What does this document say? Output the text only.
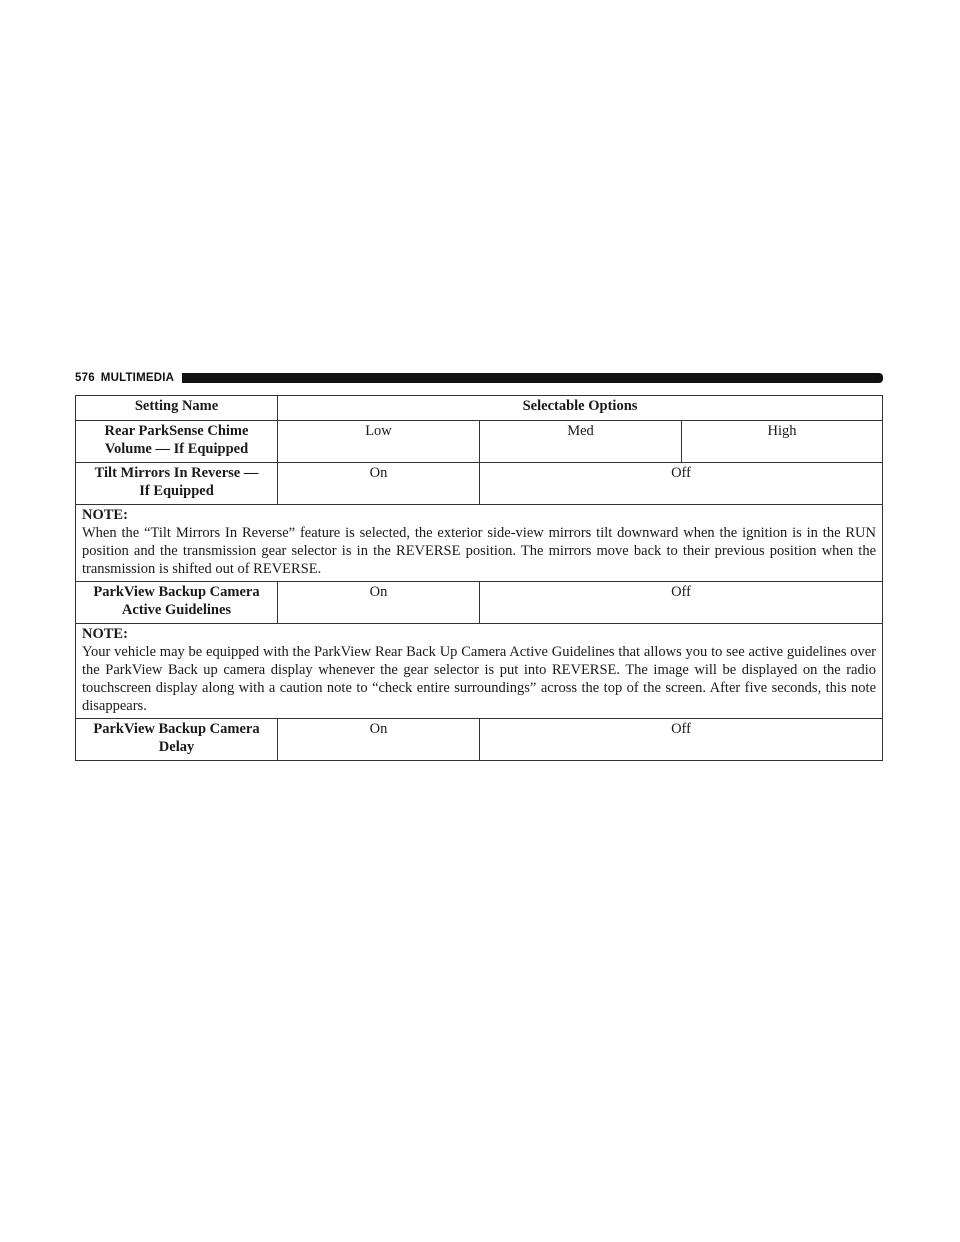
576 MULTIMEDIA
Setting Name	Selectable Options		
Rear ParkSense Chime
Volume — If Equipped	Low	Med	High
Tilt Mirrors In Reverse —
If Equipped	On	Off	

NOTE:
When the “Tilt Mirrors In Reverse” feature is selected, the exterior side-view mirrors tilt downward when the ignition is in the RUN position and the transmission gear selector is in the REVERSE position. The mirrors move back to their previous position when the transmission is shifted out of REVERSE.			
ParkView Backup Camera
Active Guidelines	On	Off	

NOTE:
Your vehicle may be equipped with the ParkView Rear Back Up Camera Active Guidelines that allows you to see active guidelines over the ParkView Back up camera display whenever the gear selector is put into REVERSE. The image will be displayed on the radio touchscreen display along with a caution note to “check entire surroundings” across the top of the screen. After five seconds, this note disappears.			
ParkView Backup Camera
Delay	On	Off	
